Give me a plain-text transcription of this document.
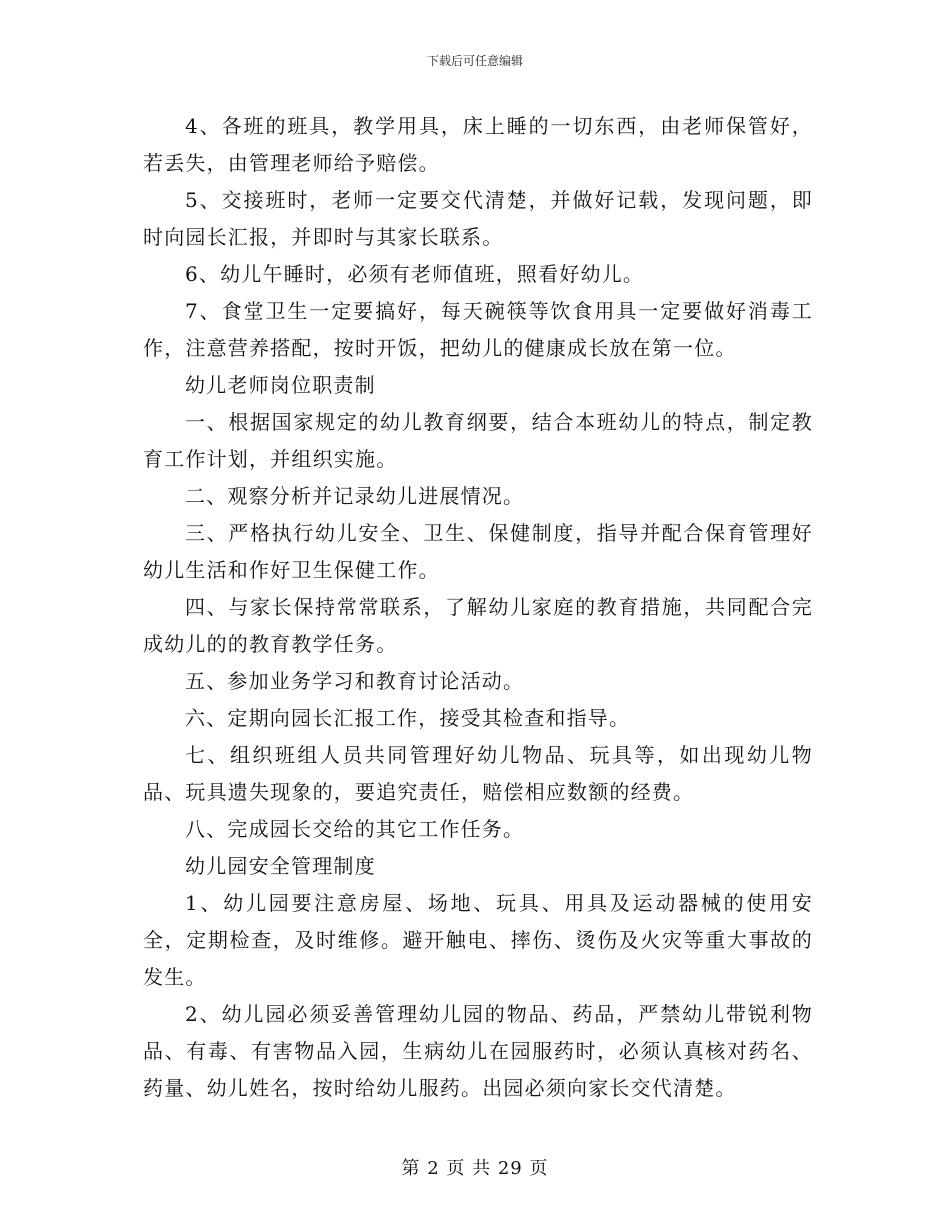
下载后可任意编辑

4、各班的班具，教学用具，床上睡的一切东西，由老师保管好，若丢失，由管理老师给予赔偿。

5、交接班时，老师一定要交代清楚，并做好记载，发现问题，即时向园长汇报，并即时与其家长联系。

6、幼儿午睡时，必须有老师值班，照看好幼儿。

7、食堂卫生一定要搞好，每天碗筷等饮食用具一定要做好消毒工作，注意营养搭配，按时开饭，把幼儿的健康成长放在第一位。

幼儿老师岗位职责制

一、根据国家规定的幼儿教育纲要，结合本班幼儿的特点，制定教育工作计划，并组织实施。

二、观察分析并记录幼儿进展情况。

三、严格执行幼儿安全、卫生、保健制度，指导并配合保育管理好幼儿生活和作好卫生保健工作。

四、与家长保持常常联系，了解幼儿家庭的教育措施，共同配合完成幼儿的的教育教学任务。

五、参加业务学习和教育讨论活动。

六、定期向园长汇报工作，接受其检查和指导。

七、组织班组人员共同管理好幼儿物品、玩具等，如出现幼儿物品、玩具遗失现象的，要追究责任，赔偿相应数额的经费。

八、完成园长交给的其它工作任务。

幼儿园安全管理制度

1、幼儿园要注意房屋、场地、玩具、用具及运动器械的使用安全，定期检查，及时维修。避开触电、摔伤、烫伤及火灾等重大事故的发生。

2、幼儿园必须妥善管理幼儿园的物品、药品，严禁幼儿带锐利物品、有毒、有害物品入园，生病幼儿在园服药时，必须认真核对药名、药量、幼儿姓名，按时给幼儿服药。出园必须向家长交代清楚。

第 2 页 共 29 页
